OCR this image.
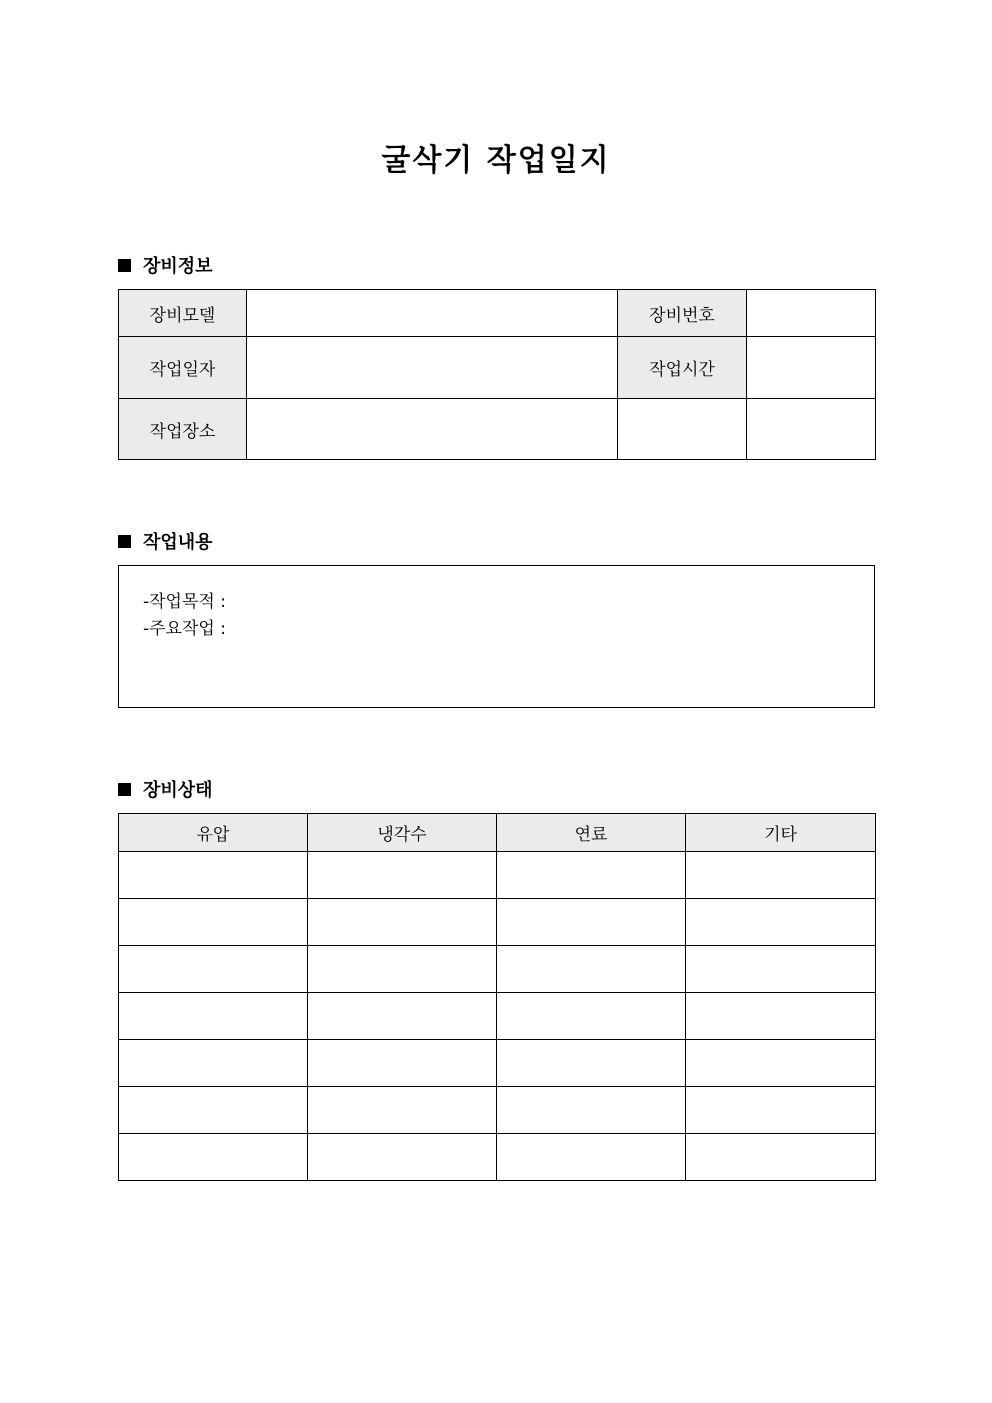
굴삭기 작업일지
장비정보
장비모델		장비번호	
작업일자		작업시간	
작업장소			
작업내용
-작업목적 :
-주요작업 :
장비상태
유압	냉각수	연료	기타
